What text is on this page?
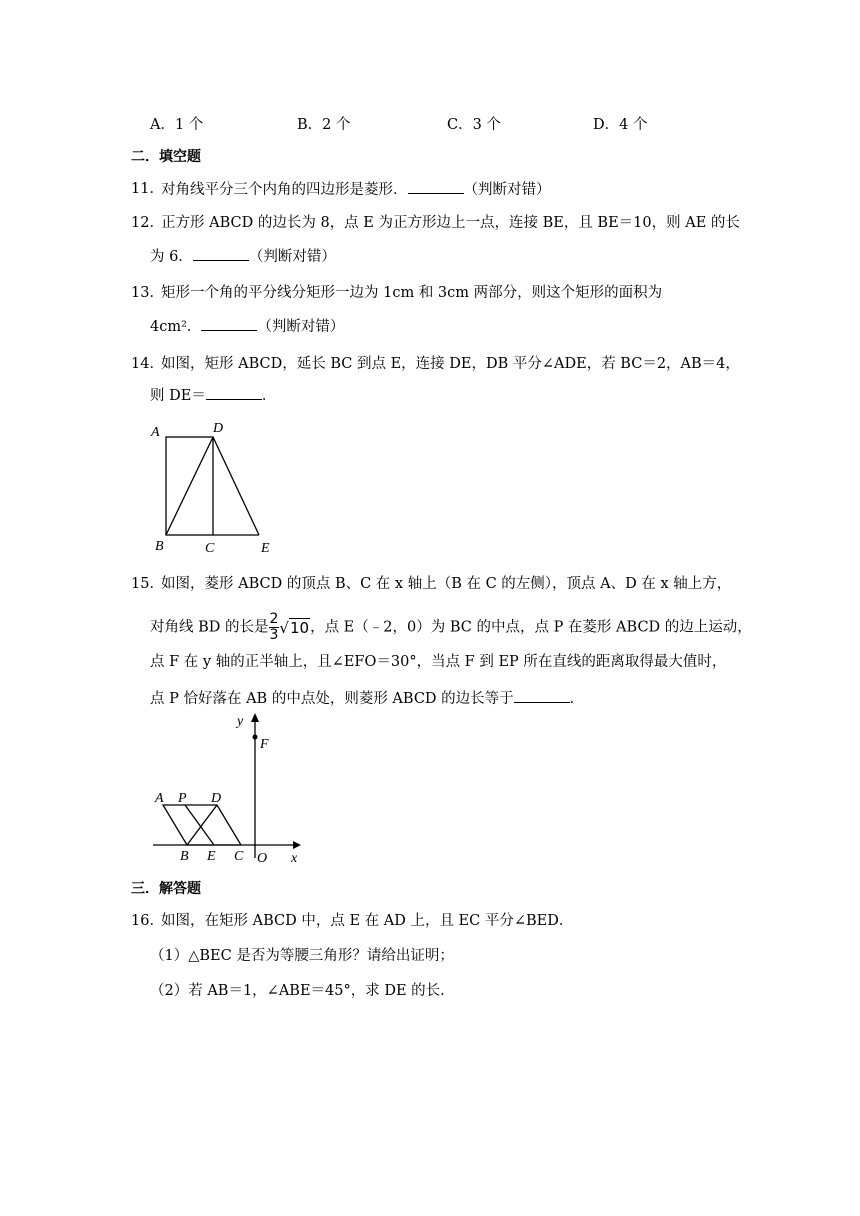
A．1 个	B．2 个	C．3 个	D．4 个
二．填空题
11．
对角线平分三个内角的四边形是菱形．	（判断对错）
12．
正方形 ABCD 的边长为 8，点 E 为正方形边上一点，连接 BE，且 BE＝10，则 AE 的长
为 6．	（判断对错）
13．
矩形一个角的平分线分矩形一边为 1cm 和 3cm 两部分，则这个矩形的面积为
4cm²．	（判断对错）
14．
如图，矩形 ABCD，延长 BC 到点 E，连接 DE，DB 平分∠ADE，若 BC＝2，AB＝4，
则 DE＝	．
A	D
B	C	E
15．
如图，菱形 ABCD 的顶点 B、C 在 x 轴上（B 在 C 的左侧），顶点 A、D 在 x 轴上方，
对角线 BD 的长是 $\frac{2}{3} √10$，点 E（﹣2，0）为 BC 的中点，点 P 在菱形 ABCD 的边上运动，
点 F 在 y 轴的正半轴上，且∠EFO＝30°，当点 F 到 EP 所在直线的距离取得最大值时，
点 P 恰好落在 AB 的中点处，则菱形 ABCD 的边长等于	．
y
F
A P D
B E C O x
三．解答题
16．
如图，在矩形 ABCD 中，点 E 在 AD 上，且 EC 平分∠BED．
（1）△BEC 是否为等腰三角形？请给出证明；
（2）若 AB＝1，∠ABE＝45°，求 DE 的长．
